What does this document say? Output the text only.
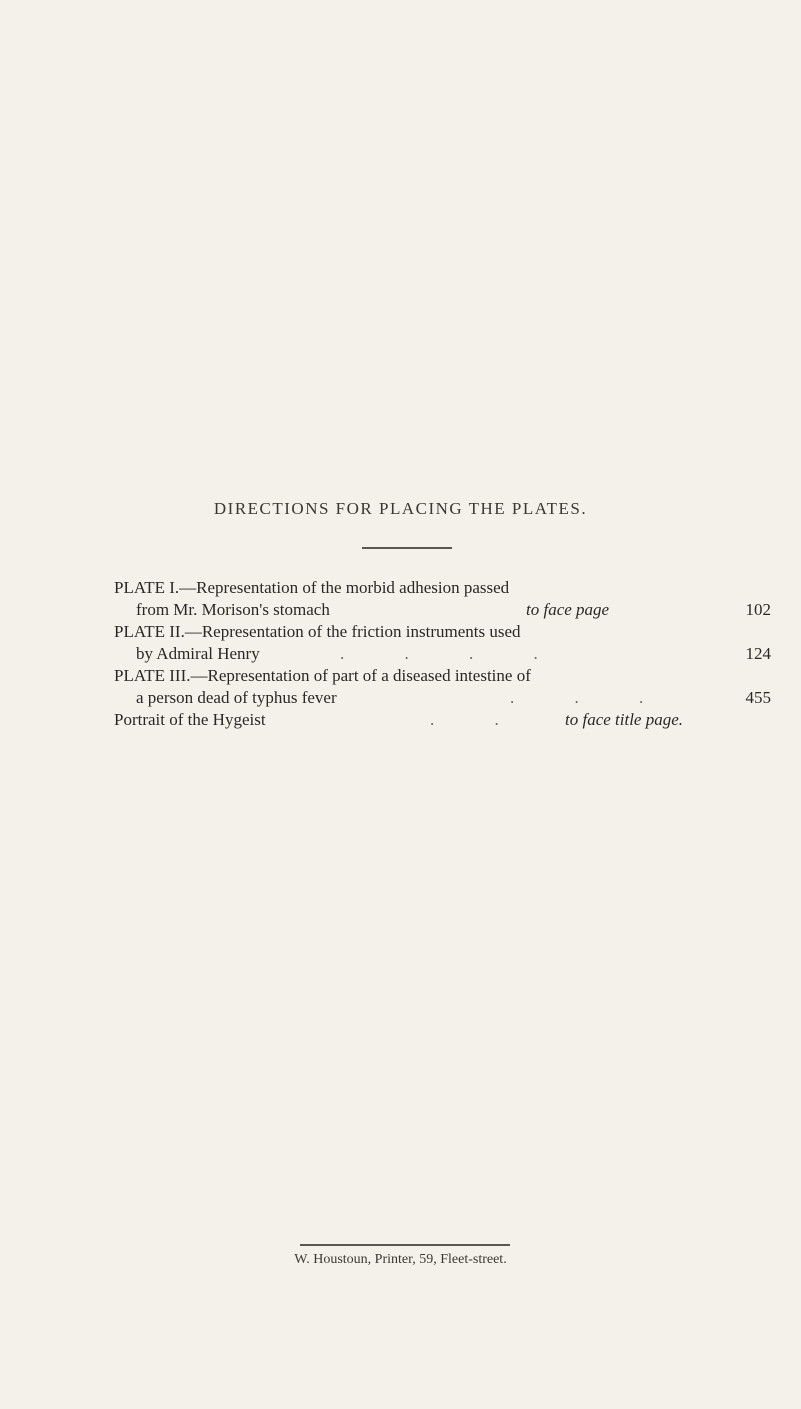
DIRECTIONS FOR PLACING THE PLATES.
PLATE I.—Representation of the morbid adhesion passed
from Mr. Morison's stomach	to face page	102
PLATE II.—Representation of the friction instruments used
by Admiral Henry	. . . .	124
PLATE III.—Representation of part of a diseased intestine of
a person dead of typhus fever	. . .	455
Portrait of the Hygeist	. . to face title page.
W. Houstoun, Printer, 59, Fleet-street.
